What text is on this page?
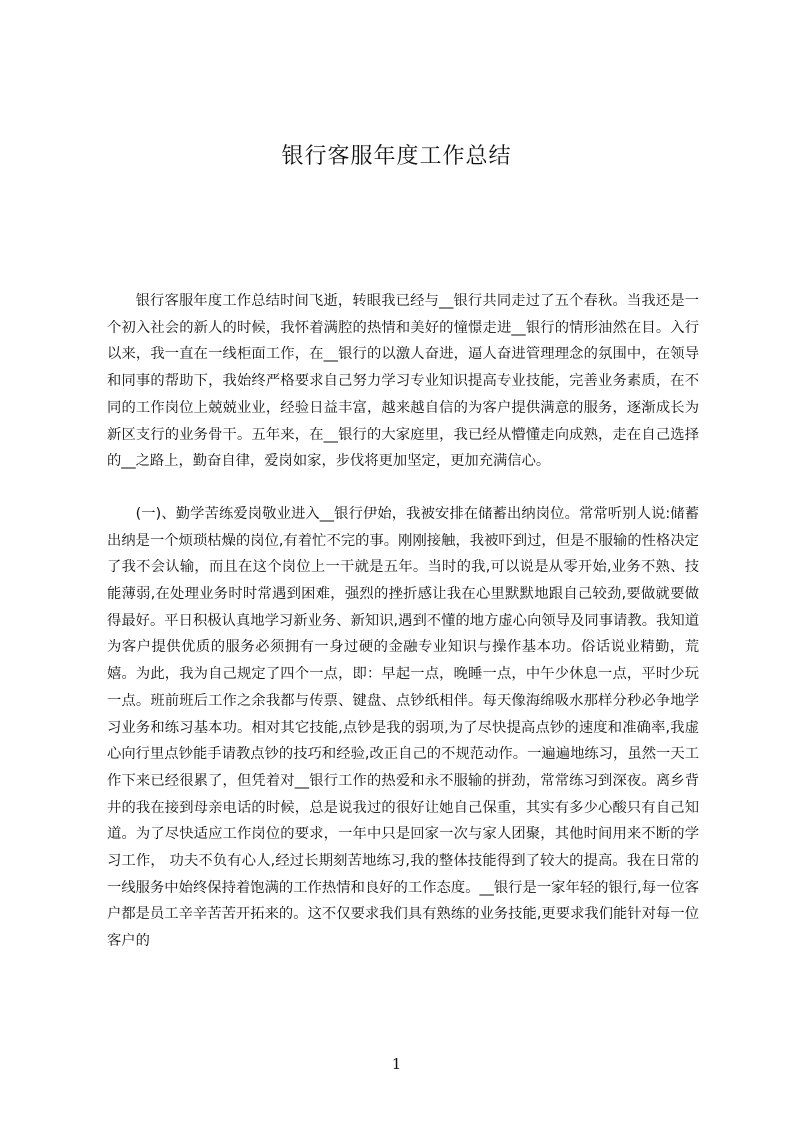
银行客服年度工作总结

银行客服年度工作总结时间飞逝，转眼我已经与__银行共同走过了五个春秋。当我还是一个初入社会的新人的时候，我怀着满腔的热情和美好的憧憬走进__银行的情形油然在目。入行以来，我一直在一线柜面工作，在__银行的以激人奋进，逼人奋进管理理念的氛围中，在领导和同事的帮助下，我始终严格要求自己努力学习专业知识提高专业技能，完善业务素质，在不同的工作岗位上兢兢业业，经验日益丰富，越来越自信的为客户提供满意的服务，逐渐成长为新区支行的业务骨干。五年来，在__银行的大家庭里，我已经从懵懂走向成熟，走在自己选择的__之路上，勤奋自律，爱岗如家，步伐将更加坚定，更加充满信心。

(一)、勤学苦练爱岗敬业进入__银行伊始，我被安排在储蓄出纳岗位。常常听别人说:储蓄出纳是一个烦琐枯燥的岗位,有着忙不完的事。刚刚接触，我被吓到过，但是不服输的性格决定了我不会认输，而且在这个岗位上一干就是五年。当时的我,可以说是从零开始,业务不熟、技能薄弱,在处理业务时时常遇到困难，强烈的挫折感让我在心里默默地跟自己较劲,要做就要做得最好。平日积极认真地学习新业务、新知识,遇到不懂的地方虚心向领导及同事请教。我知道为客户提供优质的服务必须拥有一身过硬的金融专业知识与操作基本功。俗话说业精勤，荒嬉。为此，我为自己规定了四个一点，即：早起一点，晚睡一点，中午少休息一点，平时少玩一点。班前班后工作之余我都与传票、键盘、点钞纸相伴。每天像海绵吸水那样分秒必争地学习业务和练习基本功。相对其它技能,点钞是我的弱项,为了尽快提高点钞的速度和准确率,我虚心向行里点钞能手请教点钞的技巧和经验,改正自己的不规范动作。一遍遍地练习，虽然一天工作下来已经很累了，但凭着对__银行工作的热爱和永不服输的拼劲，常常练习到深夜。离乡背井的我在接到母亲电话的时候，总是说我过的很好让她自己保重，其实有多少心酸只有自己知道。为了尽快适应工作岗位的要求，一年中只是回家一次与家人团聚，其他时间用来不断的学习工作， 功夫不负有心人,经过长期刻苦地练习,我的整体技能得到了较大的提高。我在日常的一线服务中始终保持着饱满的工作热情和良好的工作态度。__银行是一家年轻的银行,每一位客户都是员工辛辛苦苦开拓来的。这不仅要求我们具有熟练的业务技能,更要求我们能针对每一位客户的

1
